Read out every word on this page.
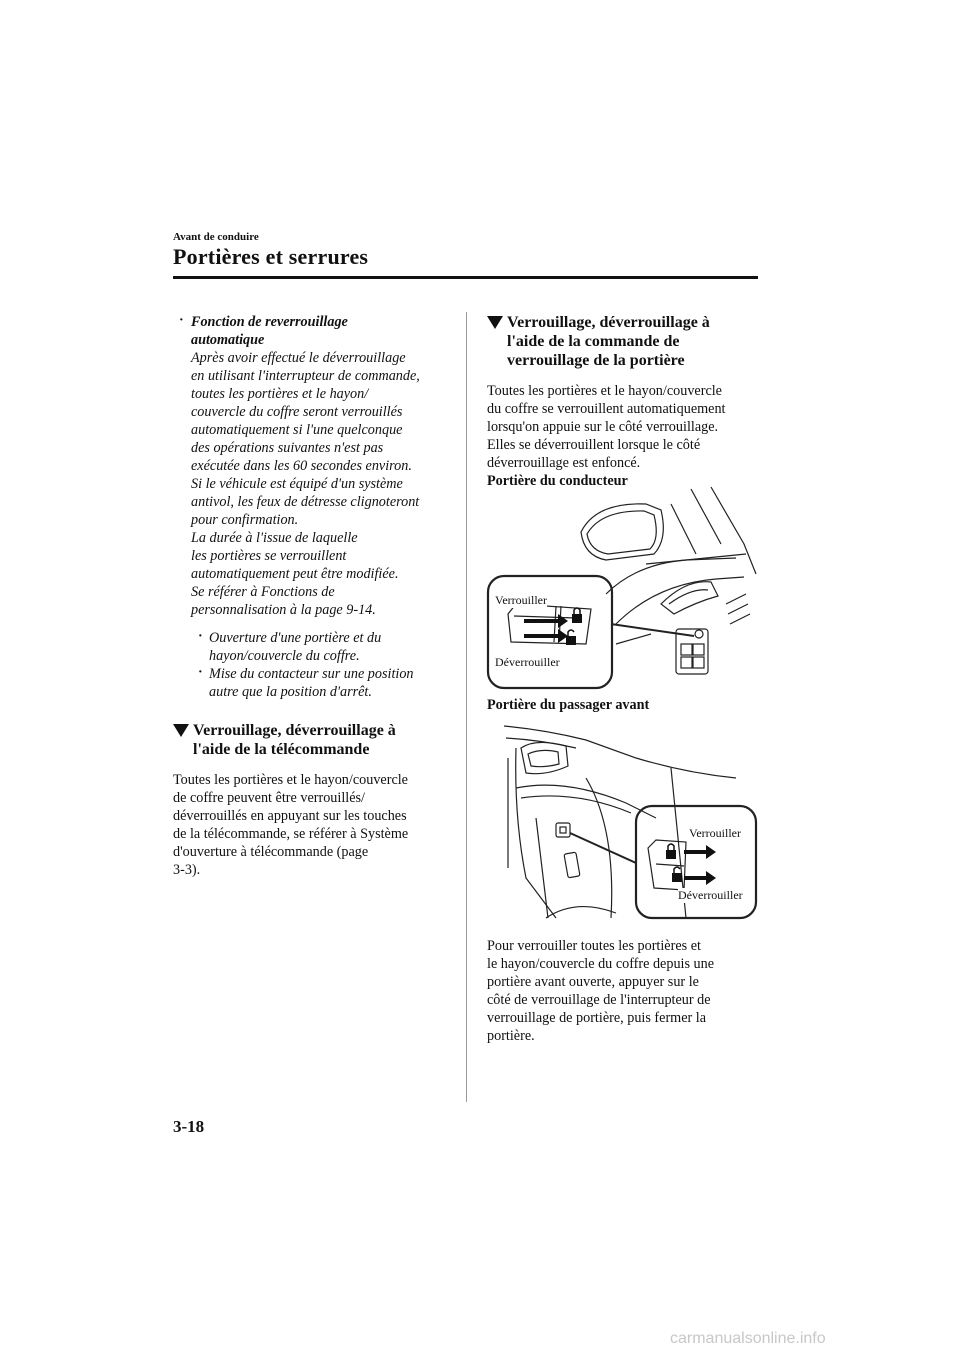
Avant de conduire
Portières et serrures
· Fonction de reverrouillage
automatique

Après avoir effectué le déverrouillage

en utilisant l'interrupteur de commande,

toutes les portières et le hayon/

couvercle du coffre seront verrouillés

automatiquement si l'une quelconque

des opérations suivantes n'est pas

exécutée dans les 60 secondes environ.

Si le véhicule est équipé d'un système

antivol, les feux de détresse clignoteront

pour confirmation.

La durée à l'issue de laquelle

les portières se verrouillent

automatiquement peut être modifiée.

Se référer à Fonctions de

personnalisation à la page 9-14.

· Ouverture d'une portière et du

hayon/couvercle du coffre.

· Mise du contacteur sur une position

autre que la position d'arrêt.

Verrouillage, déverrouillage à
l'aide de la télécommande

Toutes les portières et le hayon/couvercle

de coffre peuvent être verrouillés/

déverrouillés en appuyant sur les touches

de la télécommande, se référer à Système

d'ouverture à télécommande (page

3-3).

Verrouillage, déverrouillage à
l'aide de la commande de
verrouillage de la portière

Toutes les portières et le hayon/couvercle

du coffre se verrouillent automatiquement

lorsqu'on appuie sur le côté verrouillage.

Elles se déverrouillent lorsque le côté

déverrouillage est enfoncé.

Portière du conducteur

Verrouiller
Déverrouiller
Portière du passager avant
Verrouiller
Déverrouiller

Pour verrouiller toutes les portières et

le hayon/couvercle du coffre depuis une

portière avant ouverte, appuyer sur le

côté de verrouillage de l'interrupteur de

verrouillage de portière, puis fermer la

portière.

3-18
carmanualsonline.info
